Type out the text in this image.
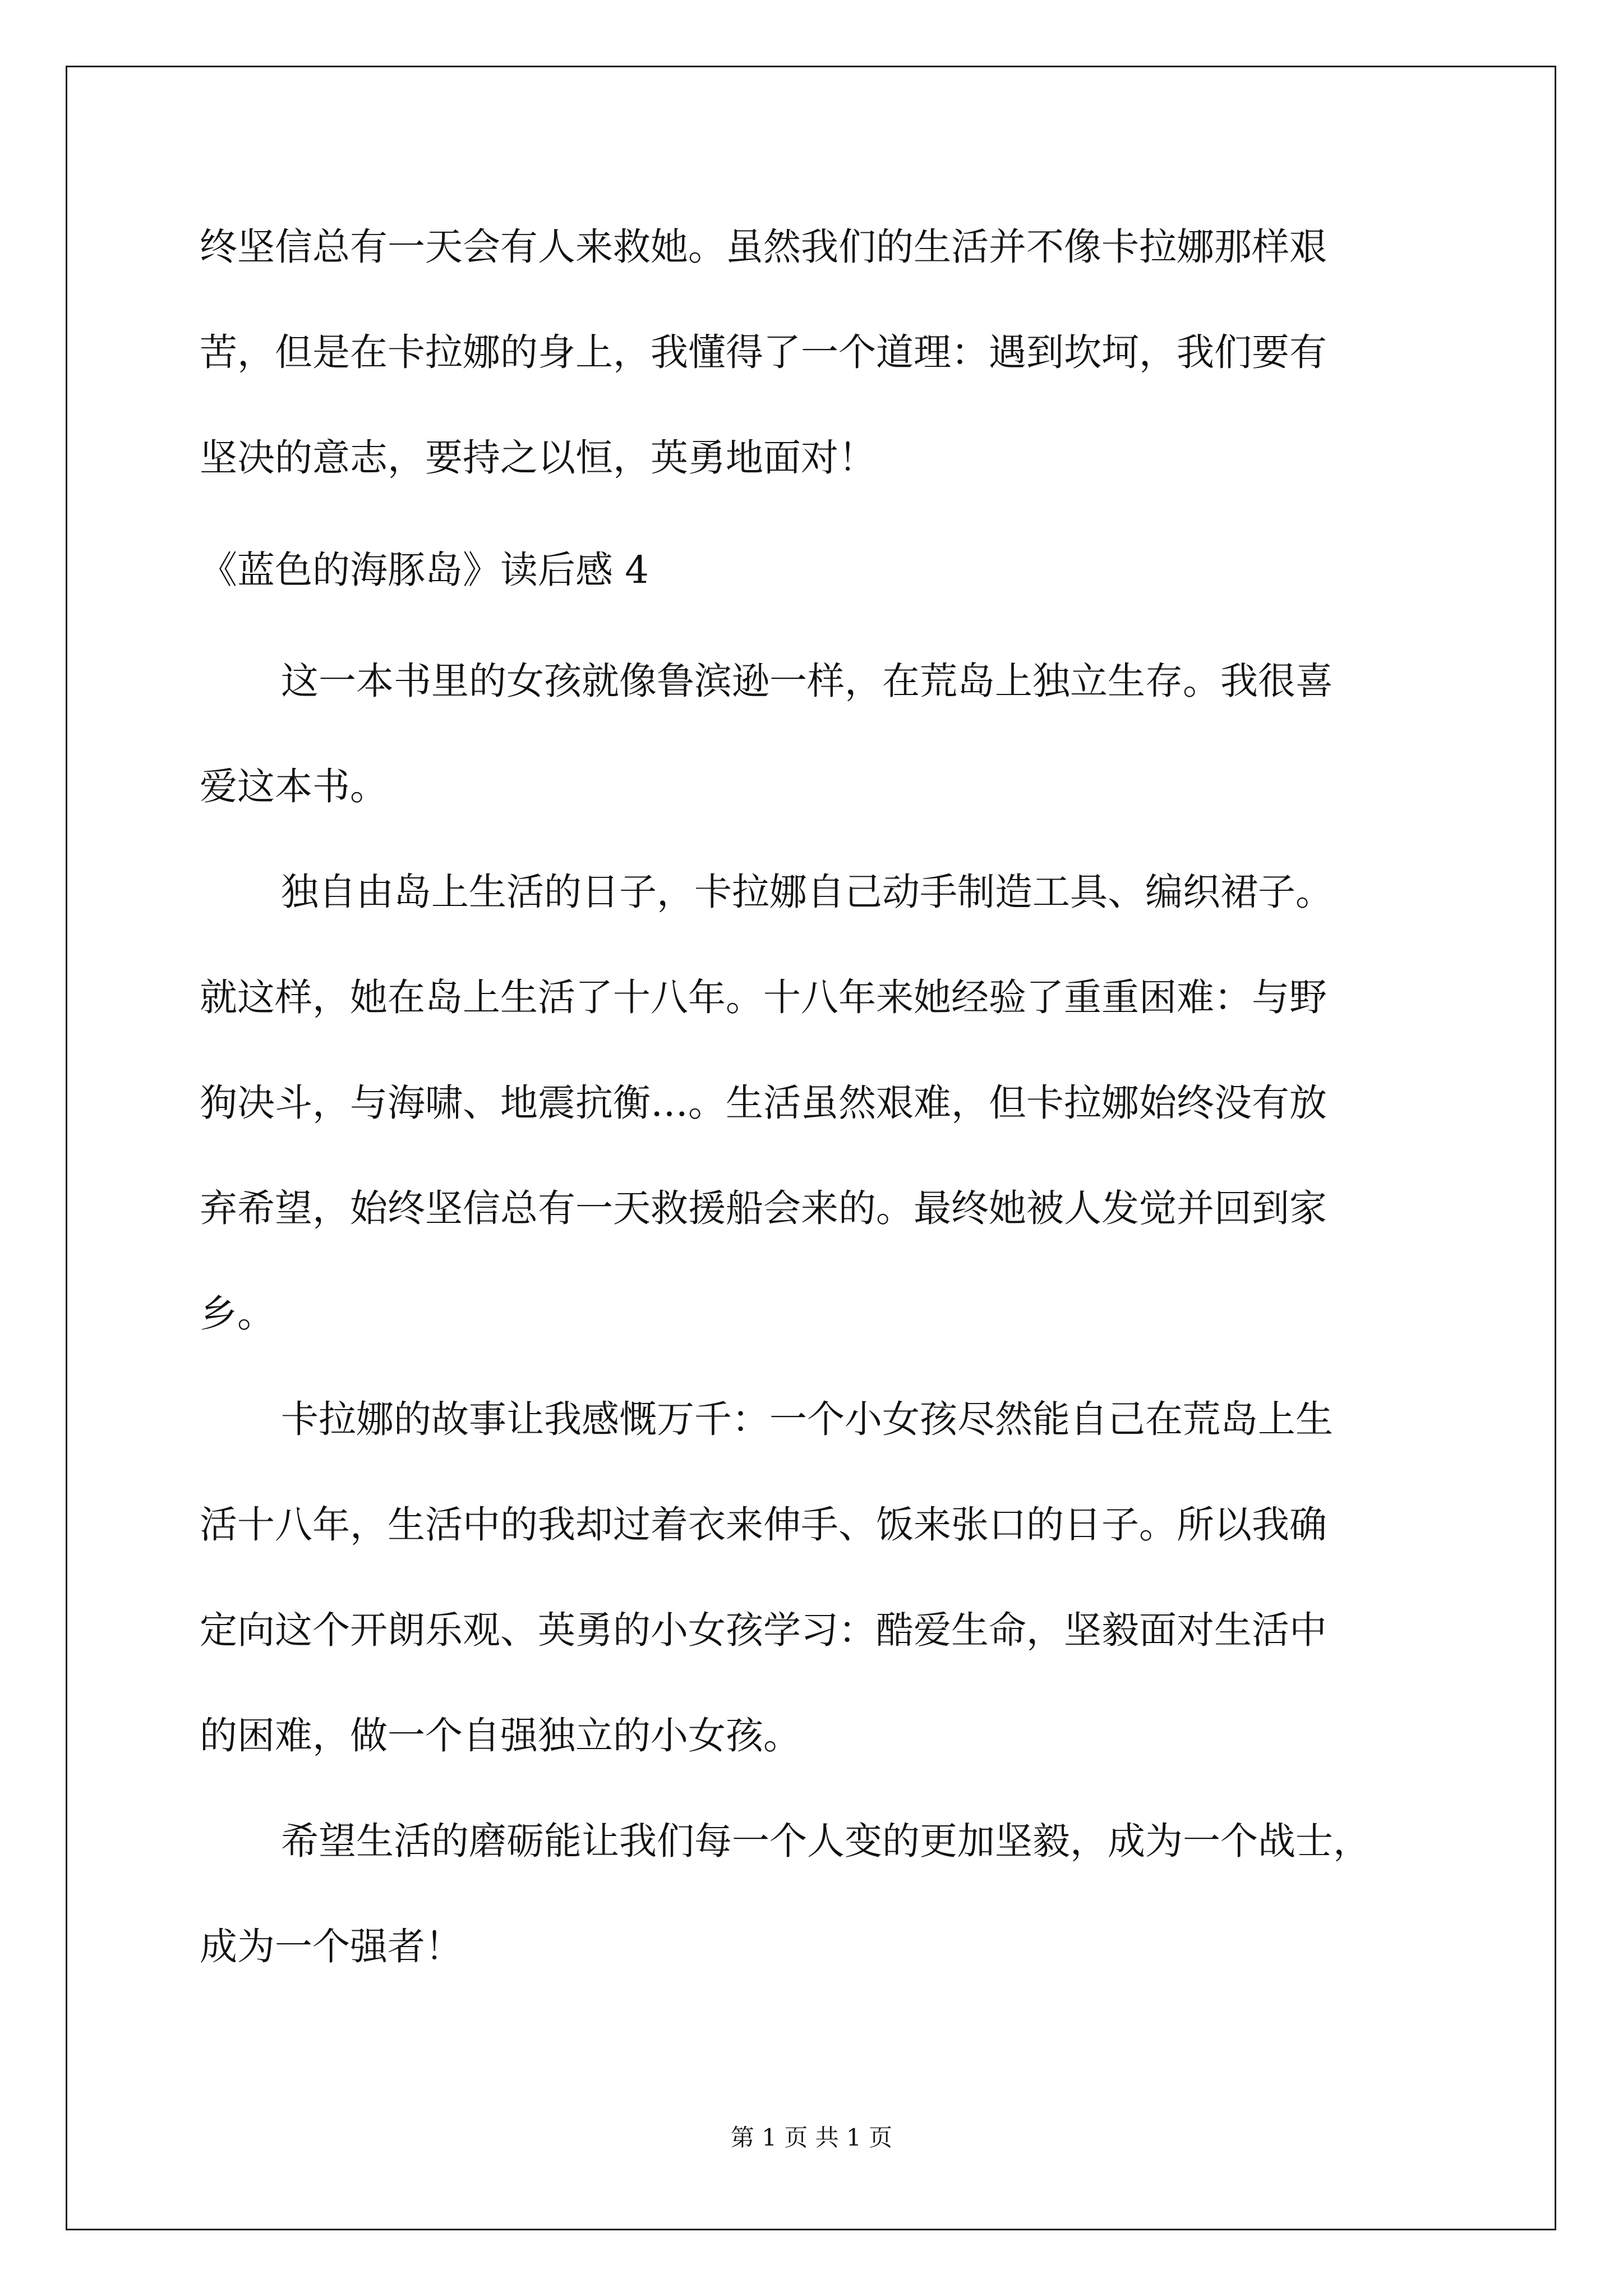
终坚信总有一天会有人来救她。虽然我们的生活并不像卡拉娜那样艰
苦，但是在卡拉娜的身上，我懂得了一个道理：遇到坎坷，我们要有
坚决的意志，要持之以恒，英勇地面对！
《蓝色的海豚岛》读后感 4
这一本书里的女孩就像鲁滨逊一样，在荒岛上独立生存。我很喜
爱这本书。
独自由岛上生活的日子，卡拉娜自己动手制造工具、编织裙子。
就这样，她在岛上生活了十八年。十八年来她经验了重重困难：与野
狗决斗，与海啸、地震抗衡…。生活虽然艰难，但卡拉娜始终没有放
弃希望，始终坚信总有一天救援船会来的。最终她被人发觉并回到家
乡。
卡拉娜的故事让我感慨万千：一个小女孩尽然能自己在荒岛上生
活十八年，生活中的我却过着衣来伸手、饭来张口的日子。所以我确
定向这个开朗乐观、英勇的小女孩学习：酷爱生命，坚毅面对生活中
的困难，做一个自强独立的小女孩。
希望生活的磨砺能让我们每一个人变的更加坚毅，成为一个战士，
成为一个强者！
第 1 页 共 1 页
